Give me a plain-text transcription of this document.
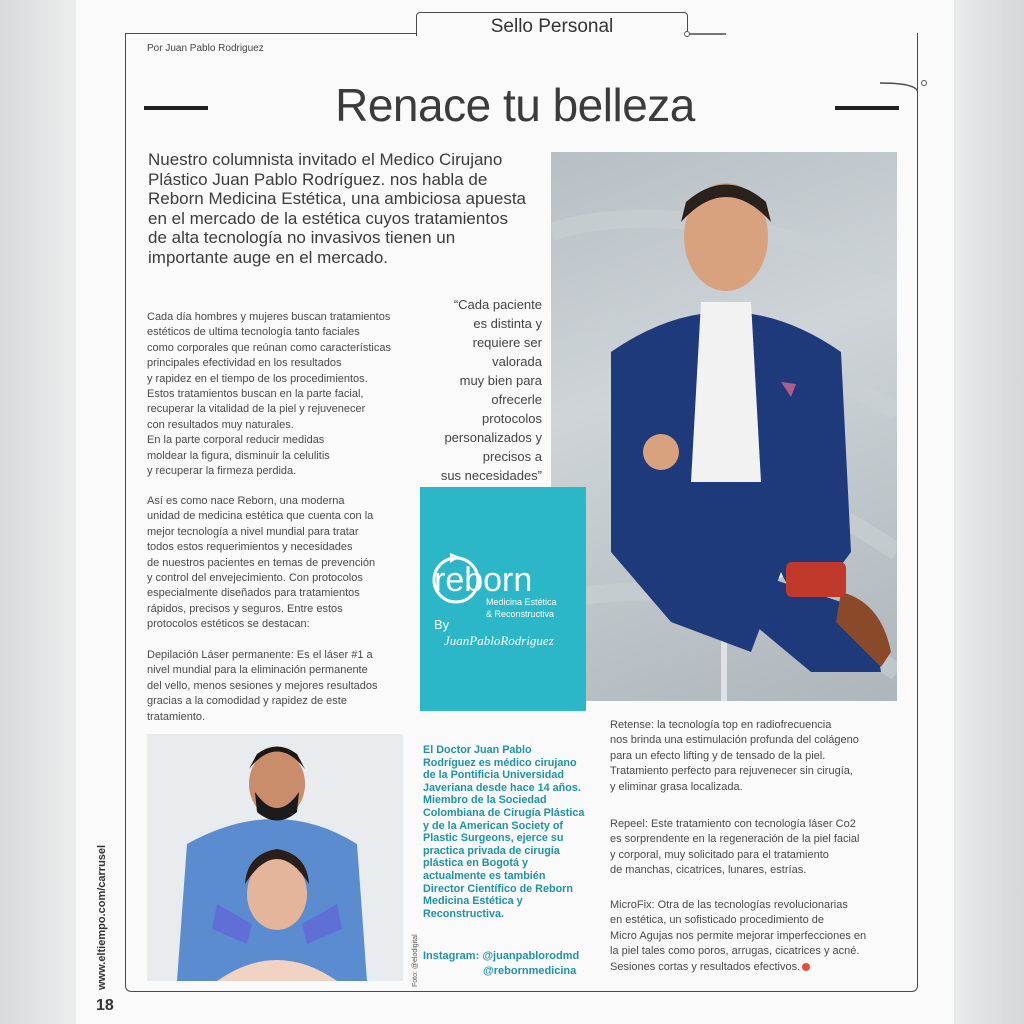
Sello Personal
Por Juan Pablo Rodriguez
Renace tu belleza
Nuestro columnista invitado el Medico Cirujano Plástico Juan Pablo Rodríguez. nos habla de Reborn Medicina Estética, una ambiciosa apuesta en el mercado de la estética cuyos tratamientos de alta tecnología no invasivos tienen un importante auge en el mercado.
Cada día hombres y mujeres buscan tratamientos
estéticos de ultima tecnología tanto faciales
como corporales que reúnan como características
principales efectividad en los resultados
y rapidez en el tiempo de los procedimientos.
Estos tratamientos buscan en la parte facial,
recuperar la vitalidad de la piel y rejuvenecer
con resultados muy naturales.
En la parte corporal reducir medidas
moldear la figura, disminuir la celulitis
y recuperar la firmeza perdida.
Así es como nace Reborn, una moderna
unidad de medicina estética que cuenta con la
mejor tecnología a nivel mundial para tratar
todos estos requerimientos y necesidades
de nuestros pacientes en temas de prevención
y control del envejecimiento. Con protocolos
especialmente diseñados para tratamientos
rápidos, precisos y seguros. Entre estos
protocolos estéticos se destacan:
Depilación Láser permanente: Es el láser #1 a
nivel mundial para la eliminación permanente
del vello, menos sesiones y mejores resultados
gracias a la comodidad y rapidez de este
tratamiento.
“Cada paciente
es distinta y
requiere ser
valorada
muy bien para
ofrecerle
protocolos
personalizados y
precisos a
sus necesidades”
reborn
Medicina Estética
& Reconstructiva
By
JuanPabloRodriguez
Foto: @elodigital
El Doctor Juan Pablo
Rodríguez es médico cirujano
de la Pontificia Universidad
Javeriana desde hace 14 años.
Miembro de la Sociedad
Colombiana de Cirugía Plástica
y de la American Society of
Plastic Surgeons, ejerce su
practica privada de cirugía
plástica en Bogotá y
actualmente es también
Director Científico de Reborn
Medicina Estética y
Reconstructiva.
Instagram: @juanpablorodmd
@rebornmedicina
Retense: la tecnología top en radiofrecuencia
nos brinda una estimulación profunda del colágeno
para un efecto lifting y de tensado de la piel.
Tratamiento perfecto para rejuvenecer sin cirugía,
y eliminar grasa localizada.
Repeel: Este tratamiento con tecnología láser Co2
es sorprendente en la regeneración de la piel facial
y corporal, muy solicitado para el tratamiento
de manchas, cicatrices, lunares, estrías.
MicroFix: Otra de las tecnologías revolucionarias
en estética, un sofisticado procedimiento de
Micro Agujas nos permite mejorar imperfecciones en
la piel tales como poros, arrugas, cicatrices y acné.
Sesiones cortas y resultados efectivos.
www.eltiempo.com/carrusel
18
